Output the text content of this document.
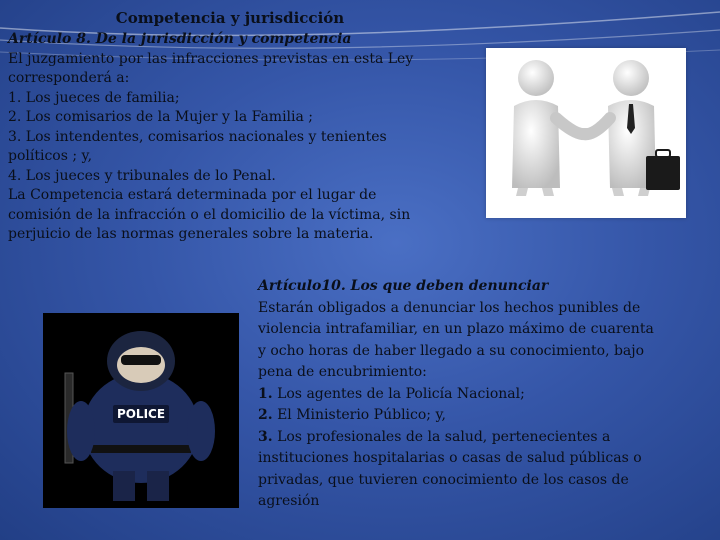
Competencia y jurisdicción
Artículo 8. De la jurisdicción y competencia
El juzgamiento por las infracciones previstas en esta Ley
corresponderá a:
1. Los jueces de familia;
2. Los comisarios de la Mujer y la Familia ;
3. Los intendentes, comisarios nacionales y tenientes
políticos ; y,
4. Los jueces y tribunales de lo Penal.
La Competencia estará determinada por el lugar de
comisión de la infracción o el domicilio de la víctima, sin
perjuicio de las normas generales sobre la materia.
POLICE
Artículo10. Los que deben denunciar
Estarán obligados a denunciar los hechos punibles de
violencia intrafamiliar, en un plazo máximo de cuarenta
y ocho horas de haber llegado a su conocimiento, bajo
pena de encubrimiento:
1. Los agentes de la Policía Nacional;
2. El Ministerio Público; y,
3. Los profesionales de la salud, pertenecientes a
instituciones hospitalarias o casas de salud públicas o
privadas, que tuvieren conocimiento de los casos de
agresión
